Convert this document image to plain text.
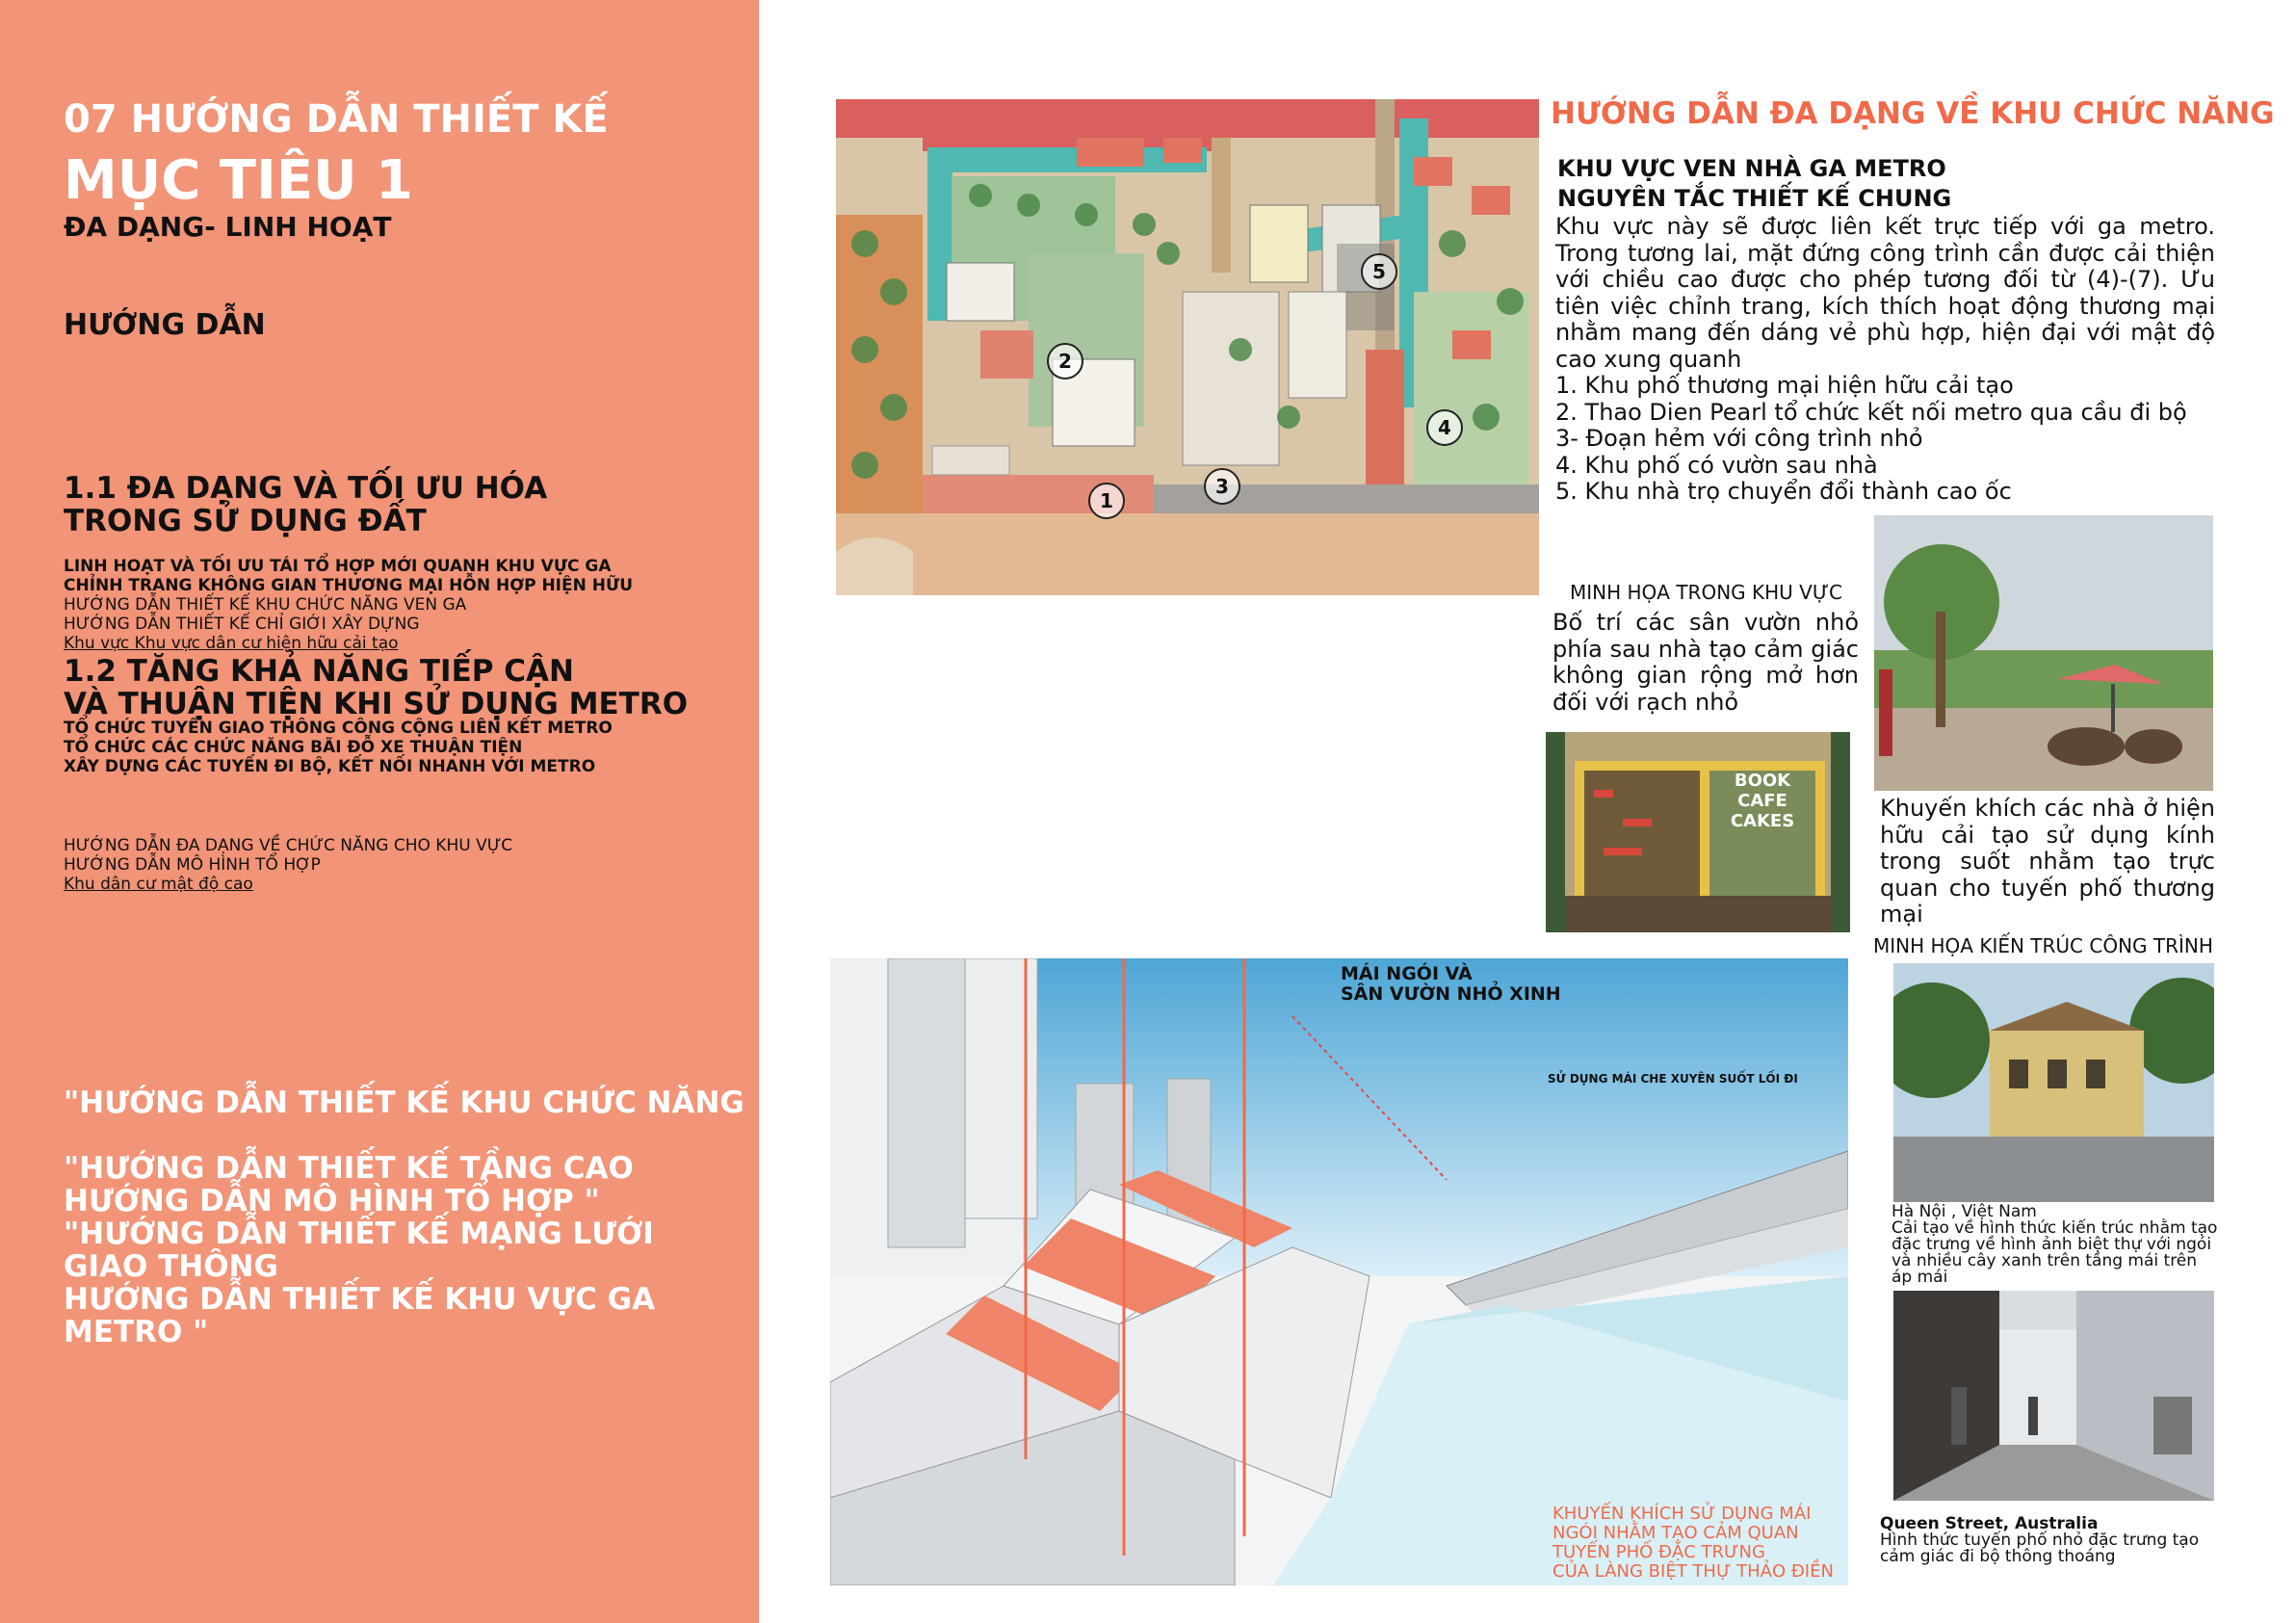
07 HƯỚNG DẪN THIẾT KẾ
MỤC TIÊU 1
ĐA DẠNG- LINH HOẠT
HƯỚNG DẪN
1.1 ĐA DẠNG VÀ TỐI ƯU HÓA
TRONG SỬ DỤNG ĐẤT
LINH HOẠT VÀ TỐI ƯU TÁI TỔ HỢP MỚI QUANH KHU VỰC GA
CHỈNH TRANG KHÔNG GIAN THƯƠNG MẠI HỖN HỢP HIỆN HỮU
HƯỚNG DẪN THIẾT KẾ KHU CHỨC NĂNG VEN GA
HƯỚNG DẪN THIẾT KẾ CHỈ GIỚI XÂY DỰNG
Khu vực Khu vực dân cư hiện hữu cải tạo
1.2 TĂNG KHẢ NĂNG TIẾP CẬN
VÀ THUẬN TIỆN KHI SỬ DỤNG METRO
TỔ CHỨC TUYẾN GIAO THÔNG CÔNG CỘNG LIÊN KẾT METRO
TỔ CHỨC CÁC CHỨC NĂNG BÃI ĐỖ XE THUẬN TIỆN
XÂY DỰNG CÁC TUYẾN ĐI BỘ, KẾT NỐI NHANH VỚI METRO
HƯỚNG DẪN ĐA DẠNG VỀ CHỨC NĂNG CHO KHU VỰC
HƯỚNG DẪN MÔ HÌNH TỔ HỢP
Khu dân cư mật độ cao
"HƯỚNG DẪN THIẾT KẾ KHU CHỨC NĂNG
"HƯỚNG DẪN THIẾT KẾ TẦNG CAO
HƯỚNG DẪN MÔ HÌNH TỔ HỢP "
"HƯỚNG DẪN THIẾT KẾ MẠNG LƯỚI
GIAO THÔNG
HƯỚNG DẪN THIẾT KẾ KHU VỰC GA METRO "
1
2
3
4
5
HƯỚNG DẪN ĐA DẠNG VỀ KHU CHỨC NĂNG
KHU VỰC VEN NHÀ GA METRO
NGUYÊN TẮC THIẾT KẾ CHUNG
Khu vực này sẽ được liên kết trực tiếp với ga metro. Trong tương lai, mặt đứng công trình cần được cải thiện với chiều cao được cho phép tương đối từ (4)-(7). Ưu tiên việc chỉnh trang, kích thích hoạt động thương mại nhằm mang đến dáng vẻ phù hợp, hiện đại với mật độ cao xung quanh
1. Khu phố thương mại hiện hữu cải tạo
2. Thao Dien Pearl tổ chức kết nối metro qua cầu đi bộ
3- Đoạn hẻm với công trình nhỏ
4. Khu phố có vườn sau nhà
5. Khu nhà trọ chuyển đổi thành cao ốc
MINH HỌA TRONG KHU VỰC
Bố trí các sân vườn nhỏ phía sau nhà tạo cảm giác không gian rộng mở hơn đối với rạch nhỏ
BOOK CAFE CAKES	Khuyến khích các nhà ở hiện hữu cải tạo sử dụng kính trong suốt nhằm tạo trực quan cho tuyến phố thương mại
MINH HỌA KIẾN TRÚC CÔNG TRÌNH
MÁI NGÓI VÀ
SÂN VƯỜN NHỎ XINH
SỬ DỤNG MÁI CHE XUYÊN SUỐT LỐI ĐI
KHUYẾN KHÍCH SỬ DỤNG MÁI
NGÓI NHẰM TẠO CẢM QUAN
TUYẾN PHỐ ĐẶC TRƯNG
CỦA LÀNG BIỆT THỰ THẢO ĐIỀN
Hà Nội , Việt Nam
Cải tạo về hình thức kiến trúc nhằm tạo đặc trưng về hình ảnh biệt thự với ngói và nhiều cây xanh trên tầng mái trên áp mái
Queen Street, Australia
Hình thức tuyến phố nhỏ đặc trưng tạo cảm giác đi bộ thông thoáng
